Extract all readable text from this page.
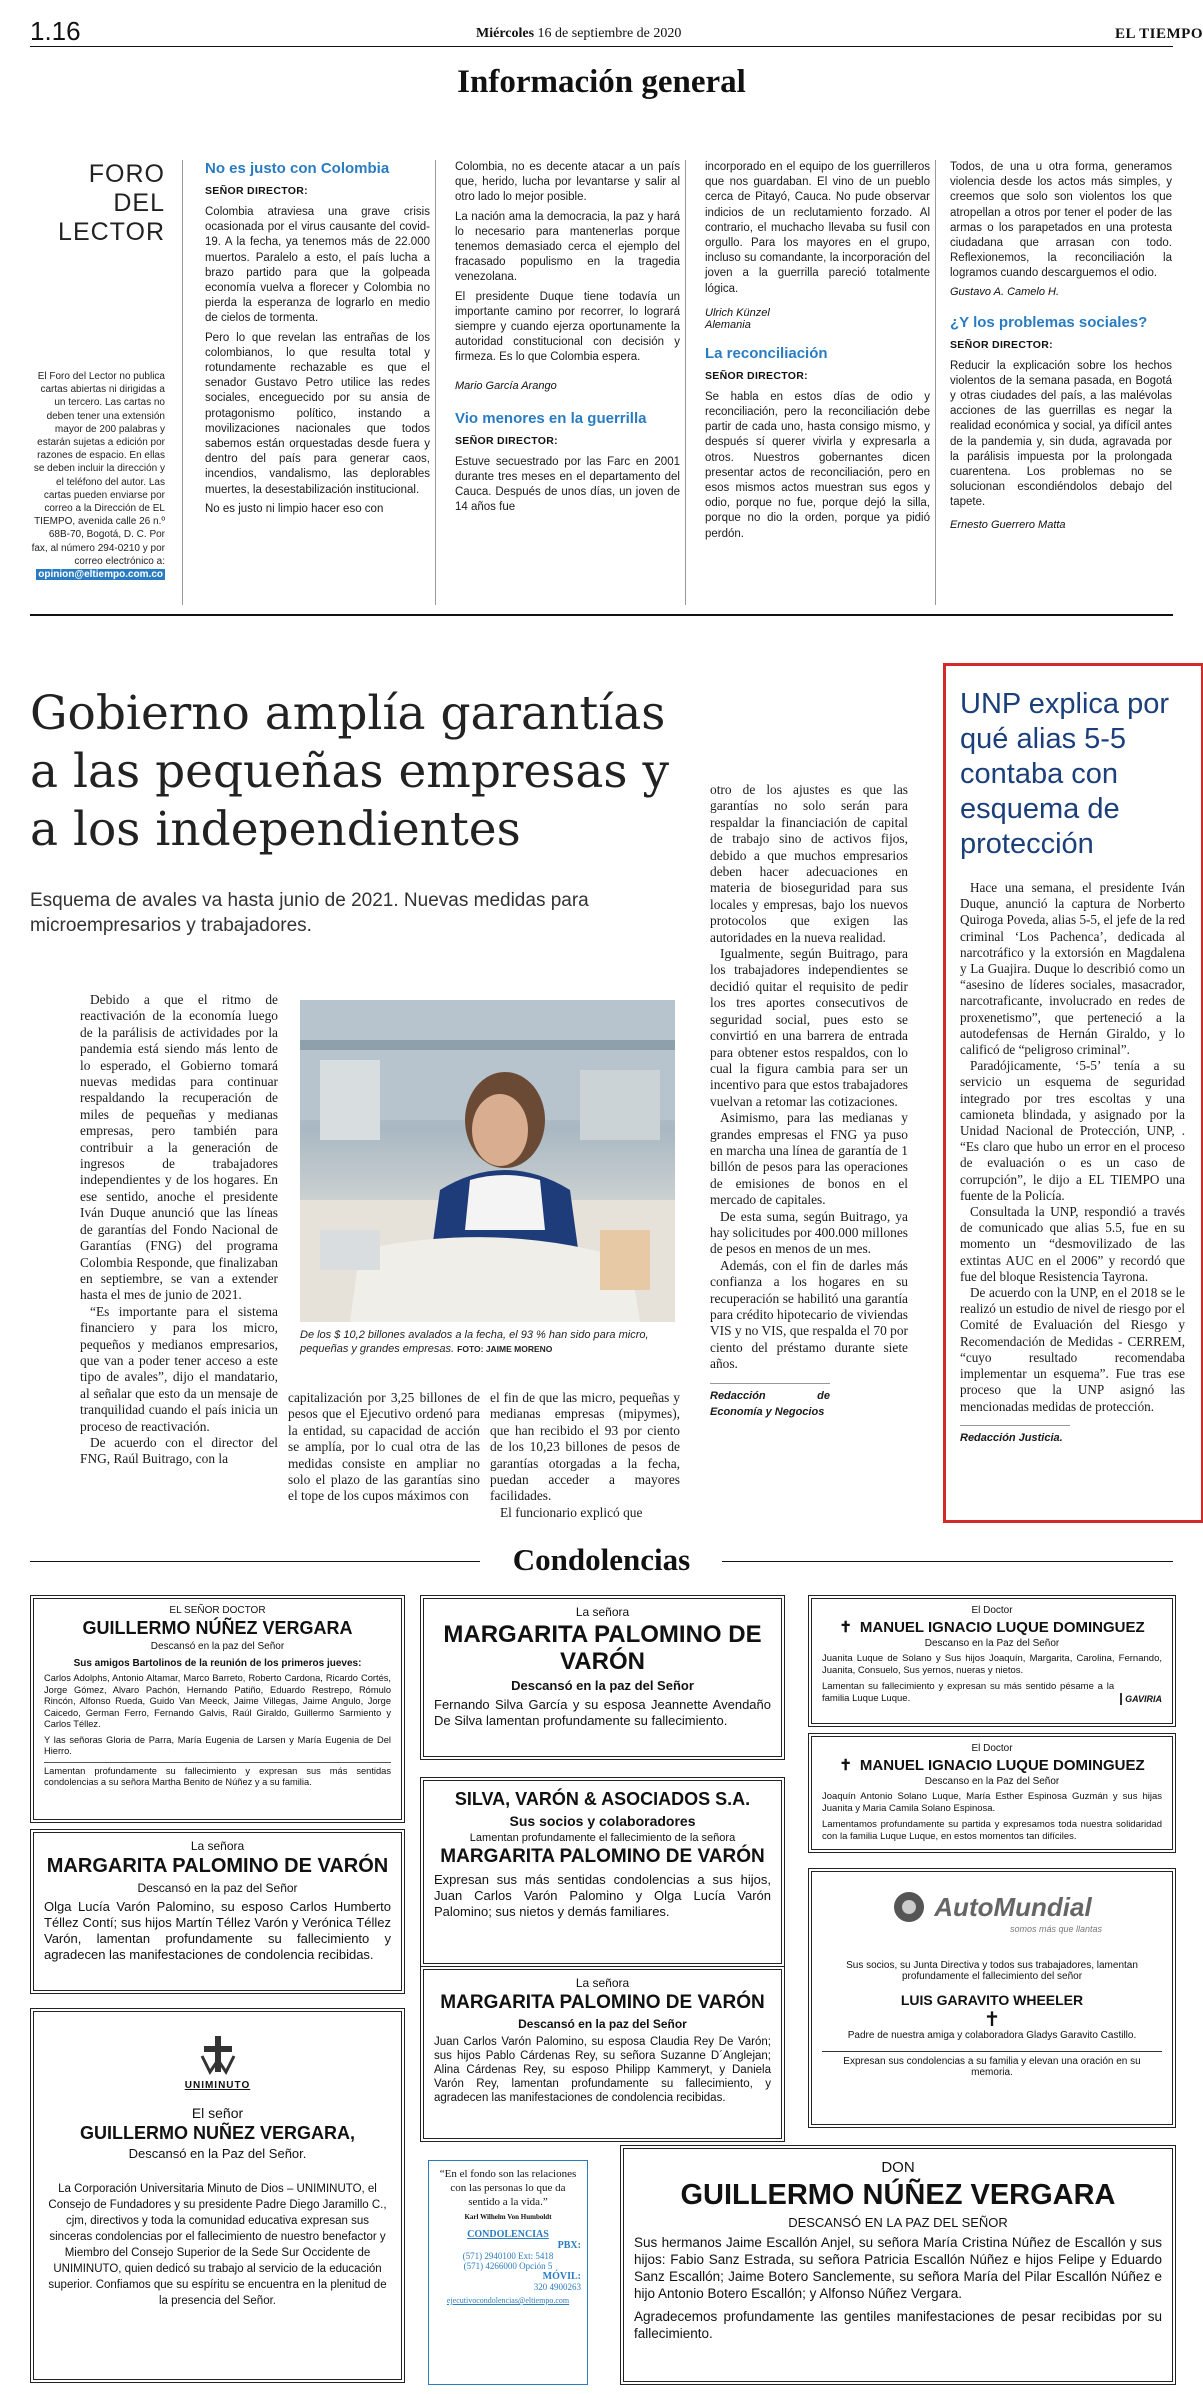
1.16	Miércoles 16 de septiembre de 2020	EL TIEMPO
Información general
FORO DEL
LECTOR
El Foro del Lector no publica cartas abiertas ni dirigidas a un tercero. Las cartas no deben tener una extensión mayor de 200 palabras y estarán sujetas a edición por razones de espacio. En ellas se deben incluir la dirección y el teléfono del autor. Las cartas pueden enviarse por correo a la Dirección de EL TIEMPO, avenida calle 26 n.º 68B-70, Bogotá, D. C. Por fax, al número 294-0210 y por correo electrónico a: opinion@eltiempo.com.co
No es justo con Colombia
SEÑOR DIRECTOR:

Colombia atraviesa una grave crisis ocasionada por el virus causante del covid-19. A la fecha, ya tenemos más de 22.000 muertos. Paralelo a esto, el país lucha a brazo partido para que la golpeada economía vuelva a florecer y Colombia no pierda la esperanza de lograrlo en medio de cielos de tormenta.

Pero lo que revelan las entrañas de los colombianos, lo que resulta total y rotundamente rechazable es que el senador Gustavo Petro utilice las redes sociales, enceguecido por su ansia de protagonismo político, instando a movilizaciones nacionales que todos sabemos están orquestadas desde fuera y dentro del país para generar caos, incendios, vandalismo, las deplorables muertes, la desestabilización institucional.

No es justo ni limpio hacer eso con

Colombia, no es decente atacar a un país que, herido, lucha por levantarse y salir al otro lado lo mejor posible.

La nación ama la democracia, la paz y hará lo necesario para mantenerlas porque tenemos demasiado cerca el ejemplo del fracasado populismo en la tragedia venezolana.

El presidente Duque tiene todavía un importante camino por recorrer, lo logrará siempre y cuando ejerza oportunamente la autoridad constitucional con decisión y firmeza. Es lo que Colombia espera.

Mario García Arango
Vio menores en la guerrilla
SEÑOR DIRECTOR:

Estuve secuestrado por las Farc en 2001 durante tres meses en el departamento del Cauca. Después de unos días, un joven de 14 años fue

incorporado en el equipo de los guerrilleros que nos guardaban. El vino de un pueblo cerca de Pitayó, Cauca. No pude observar indicios de un reclutamiento forzado. Al contrario, el muchacho llevaba su fusil con orgullo. Para los mayores en el grupo, incluso su comandante, la incorporación del joven a la guerrilla pareció totalmente lógica.

Ulrich Künzel
Alemania
La reconciliación
SEÑOR DIRECTOR:

Se habla en estos días de odio y reconciliación, pero la reconciliación debe partir de cada uno, hasta consigo mismo, y después sí querer vivirla y expresarla a otros. Nuestros gobernantes dicen presentar actos de reconciliación, pero en esos mismos actos muestran sus egos y odio, porque no fue, porque dejó la silla, porque no dio la orden, porque ya pidió perdón.

Todos, de una u otra forma, generamos violencia desde los actos más simples, y creemos que solo son violentos los que atropellan a otros por tener el poder de las armas o los parapetados en una protesta ciudadana que arrasan con todo. Reflexionemos, la reconciliación la logramos cuando descarguemos el odio.

Gustavo A. Camelo H.
¿Y los problemas sociales?
SEÑOR DIRECTOR:

Reducir la explicación sobre los hechos violentos de la semana pasada, en Bogotá y otras ciudades del país, a las malévolas acciones de las guerrillas es negar la realidad económica y social, ya difícil antes de la pandemia y, sin duda, agravada por la parálisis impuesta por la prolongada cuarentena. Los problemas no se solucionan escondiéndolos debajo del tapete.

Ernesto Guerrero Matta
Gobierno amplía garantías a las pequeñas empresas y a los independientes
Esquema de avales va hasta junio de 2021. Nuevas medidas para microempresarios y trabajadores.

Debido a que el ritmo de reactivación de la economía luego de la parálisis de actividades por la pandemia está siendo más lento de lo esperado, el Gobierno tomará nuevas medidas para continuar respaldando la recuperación de miles de pequeñas y medianas empresas, pero también para contribuir a la generación de ingresos de trabajadores independientes y de los hogares. En ese sentido, anoche el presidente Iván Duque anunció que las líneas de garantías del Fondo Nacional de Garantías (FNG) del programa Colombia Responde, que finalizaban en septiembre, se van a extender hasta el mes de junio de 2021.

“Es importante para el sistema financiero y para los micro, pequeños y medianos empresarios, que van a poder tener acceso a este tipo de avales”, dijo el mandatario, al señalar que esto da un mensaje de tranquilidad cuando el país inicia un proceso de reactivación.

De acuerdo con el director del FNG, Raúl Buitrago, con la

De los $ 10,2 billones avalados a la fecha, el 93 % han sido para micro, pequeñas y grandes empresas. FOTO: JAIME MORENO

capitalización por 3,25 billones de pesos que el Ejecutivo ordenó para la entidad, su capacidad de acción se amplía, por lo cual otra de las medidas consiste en ampliar no solo el plazo de las garantías sino el tope de los cupos máximos con

el fin de que las micro, pequeñas y medianas empresas (mipymes), que han recibido el 93 por ciento de los 10,23 billones de pesos de garantías otorgadas a la fecha, puedan acceder a mayores facilidades.

El funcionario explicó que

otro de los ajustes es que las garantías no solo serán para respaldar la financiación de capital de trabajo sino de activos fijos, debido a que muchos empresarios deben hacer adecuaciones en materia de bioseguridad para sus locales y empresas, bajo los nuevos protocolos que exigen las autoridades en la nueva realidad.

Igualmente, según Buitrago, para los trabajadores independientes se decidió quitar el requisito de pedir los tres aportes consecutivos de seguridad social, pues esto se convirtió en una barrera de entrada para obtener estos respaldos, con lo cual la figura cambia para ser un incentivo para que estos trabajadores vuelvan a retomar las cotizaciones.

Asimismo, para las medianas y grandes empresas el FNG ya puso en marcha una línea de garantía de 1 billón de pesos para las operaciones de emisiones de bonos en el mercado de capitales.

De esta suma, según Buitrago, ya hay solicitudes por 400.000 millones de pesos en menos de un mes.

Además, con el fin de darles más confianza a los hogares en su recuperación se habilitó una garantía para crédito hipotecario de viviendas VIS y no VIS, que respalda el 70 por ciento del préstamo durante siete años.

Redacción de Economía y Negocios
UNP explica por qué alias 5-5 contaba con esquema de protección

Hace una semana, el presidente Iván Duque, anunció la captura de Norberto Quiroga Poveda, alias 5-5, el jefe de la red criminal ‘Los Pachenca’, dedicada al narcotráfico y la extorsión en Magdalena y La Guajira. Duque lo describió como un “asesino de líderes sociales, masacrador, narcotraficante, involucrado en redes de proxenetismo”, que perteneció a la autodefensas de Hernán Giraldo, y lo calificó de “peligroso criminal”.

Paradójicamente, ‘5-5’ tenía a su servicio un esquema de seguridad integrado por tres escoltas y una camioneta blindada, y asignado por la Unidad Nacional de Protección, UNP, . “Es claro que hubo un error en el proceso de evaluación o es un caso de corrupción”, le dijo a EL TIEMPO una fuente de la Policía.

Consultada la UNP, respondió a través de comunicado que alias 5.5, fue en su momento un “desmovilizado de las extintas AUC en el 2006” y recordó que fue del bloque Resistencia Tayrona.

De acuerdo con la UNP, en el 2018 se le realizó un estudio de nivel de riesgo por el Comité de Evaluación del Riesgo y Recomendación de Medidas - CERREM, “cuyo resultado recomendaba implementar un esquema”. Fue tras ese proceso que la UNP asignó las mencionadas medidas de protección.

Redacción Justicia.
Condolencias
EL SEÑOR DOCTOR
GUILLERMO NÚÑEZ VERGARA
Descansó en la paz del Señor
Sus amigos Bartolinos de la reunión de los primeros jueves:
Carlos Adolphs, Antonio Altamar, Marco Barreto, Roberto Cardona, Ricardo Cortés, Jorge Gómez, Alvaro Pachón, Hernando Patiño, Eduardo Restrepo, Rómulo Rincón, Alfonso Rueda, Guido Van Meeck, Jaime Villegas, Jaime Angulo, Jorge Caicedo, German Ferro, Fernando Galvis, Raúl Giraldo, Guillermo Sarmiento y Carlos Téllez.
Y las señoras Gloria de Parra, María Eugenia de Larsen y María Eugenia de Del Hierro.
Lamentan profundamente su fallecimiento y expresan sus más sentidas condolencias a su señora Martha Benito de Núñez y a su familia.
La señora
MARGARITA PALOMINO DE VARÓN
Descansó en la paz del Señor
Olga Lucía Varón Palomino, su esposo Carlos Humberto Téllez Contí; sus hijos Martín Téllez Varón y Verónica Téllez Varón, lamentan profundamente su fallecimiento y agradecen las manifestaciones de condolencia recibidas.
UNIMINUTO
El señor
GUILLERMO NUÑEZ VERGARA,
Descansó en la Paz del Señor.
La Corporación Universitaria Minuto de Dios – UNIMINUTO, el Consejo de Fundadores y su presidente Padre Diego Jaramillo C., cjm, directivos y toda la comunidad educativa expresan sus sinceras condolencias por el fallecimiento de nuestro benefactor y Miembro del Consejo Superior de la Sede Sur Occidente de UNIMINUTO, quien dedicó su trabajo al servicio de la educación superior. Confiamos que su espíritu se encuentra en la plenitud de la presencia del Señor.
La señora
MARGARITA PALOMINO DE VARÓN
Descansó en la paz del Señor
Fernando Silva García y su esposa Jeannette Avendaño De Silva lamentan profundamente su fallecimiento.
SILVA, VARÓN & ASOCIADOS S.A.
Sus socios y colaboradores
Lamentan profundamente el fallecimiento de la señora
MARGARITA PALOMINO DE VARÓN
Expresan sus más sentidas condolencias a sus hijos, Juan Carlos Varón Palomino y Olga Lucía Varón Palomino; sus nietos y demás familiares.
La señora
MARGARITA PALOMINO DE VARÓN
Descansó en la paz del Señor
Juan Carlos Varón Palomino, su esposa Claudia Rey De Varón; sus hijos Pablo Cárdenas Rey, su señora Suzanne D´Anglejan; Alina Cárdenas Rey, su esposo Philipp Kammeryt, y Daniela Varón Rey, lamentan profundamente su fallecimiento, y agradecen las manifestaciones de condolencia recibidas.
“En el fondo son las relaciones con las personas lo que da sentido a la vida.”
Karl Wilhelm Von Humboldt
CONDOLENCIAS
PBX:
(571) 2940100 Ext: 5418
(571) 4266000 Opción 5
MÓVIL:
320 4900263
ejecutivocondolencias@eltiempo.com
El Doctor
✝ MANUEL IGNACIO LUQUE DOMINGUEZ
Descanso en la Paz del Señor
Juanita Luque de Solano y Sus hijos Joaquín, Margarita, Carolina, Fernando, Juanita, Consuelo, Sus yernos, nueras y nietos.
Lamentan su fallecimiento y expresan su más sentido pésame a la familia Luque Luque.	GAVIRIA
El Doctor
✝ MANUEL IGNACIO LUQUE DOMINGUEZ
Descanso en la Paz del Señor
Joaquín Antonio Solano Luque, María Esther Espinosa Guzmán y sus hijas Juanita y Maria Camila Solano Espinosa.
Lamentamos profundamente su partida y expresamos toda nuestra solidaridad con la familia Luque Luque, en estos momentos tan difíciles.
AutoMundial
somos más que llantas
Sus socios, su Junta Directiva y todos sus trabajadores, lamentan profundamente el fallecimiento del señor
LUIS GARAVITO WHEELER
✝
Padre de nuestra amiga y colaboradora Gladys Garavito Castillo.
Expresan sus condolencias a su familia y elevan una oración en su memoria.
DON
GUILLERMO NÚÑEZ VERGARA
DESCANSÓ EN LA PAZ DEL SEÑOR
Sus hermanos Jaime Escallón Anjel, su señora María Cristina Núñez de Escallón y sus hijos: Fabio Sanz Estrada, su señora Patricia Escallón Núñez e hijos Felipe y Eduardo Sanz Escallón; Jaime Botero Sanclemente, su señora María del Pilar Escallón Núñez e hijo Antonio Botero Escallón; y Alfonso Núñez Vergara.
Agradecemos profundamente las gentiles manifestaciones de pesar recibidas por su fallecimiento.
